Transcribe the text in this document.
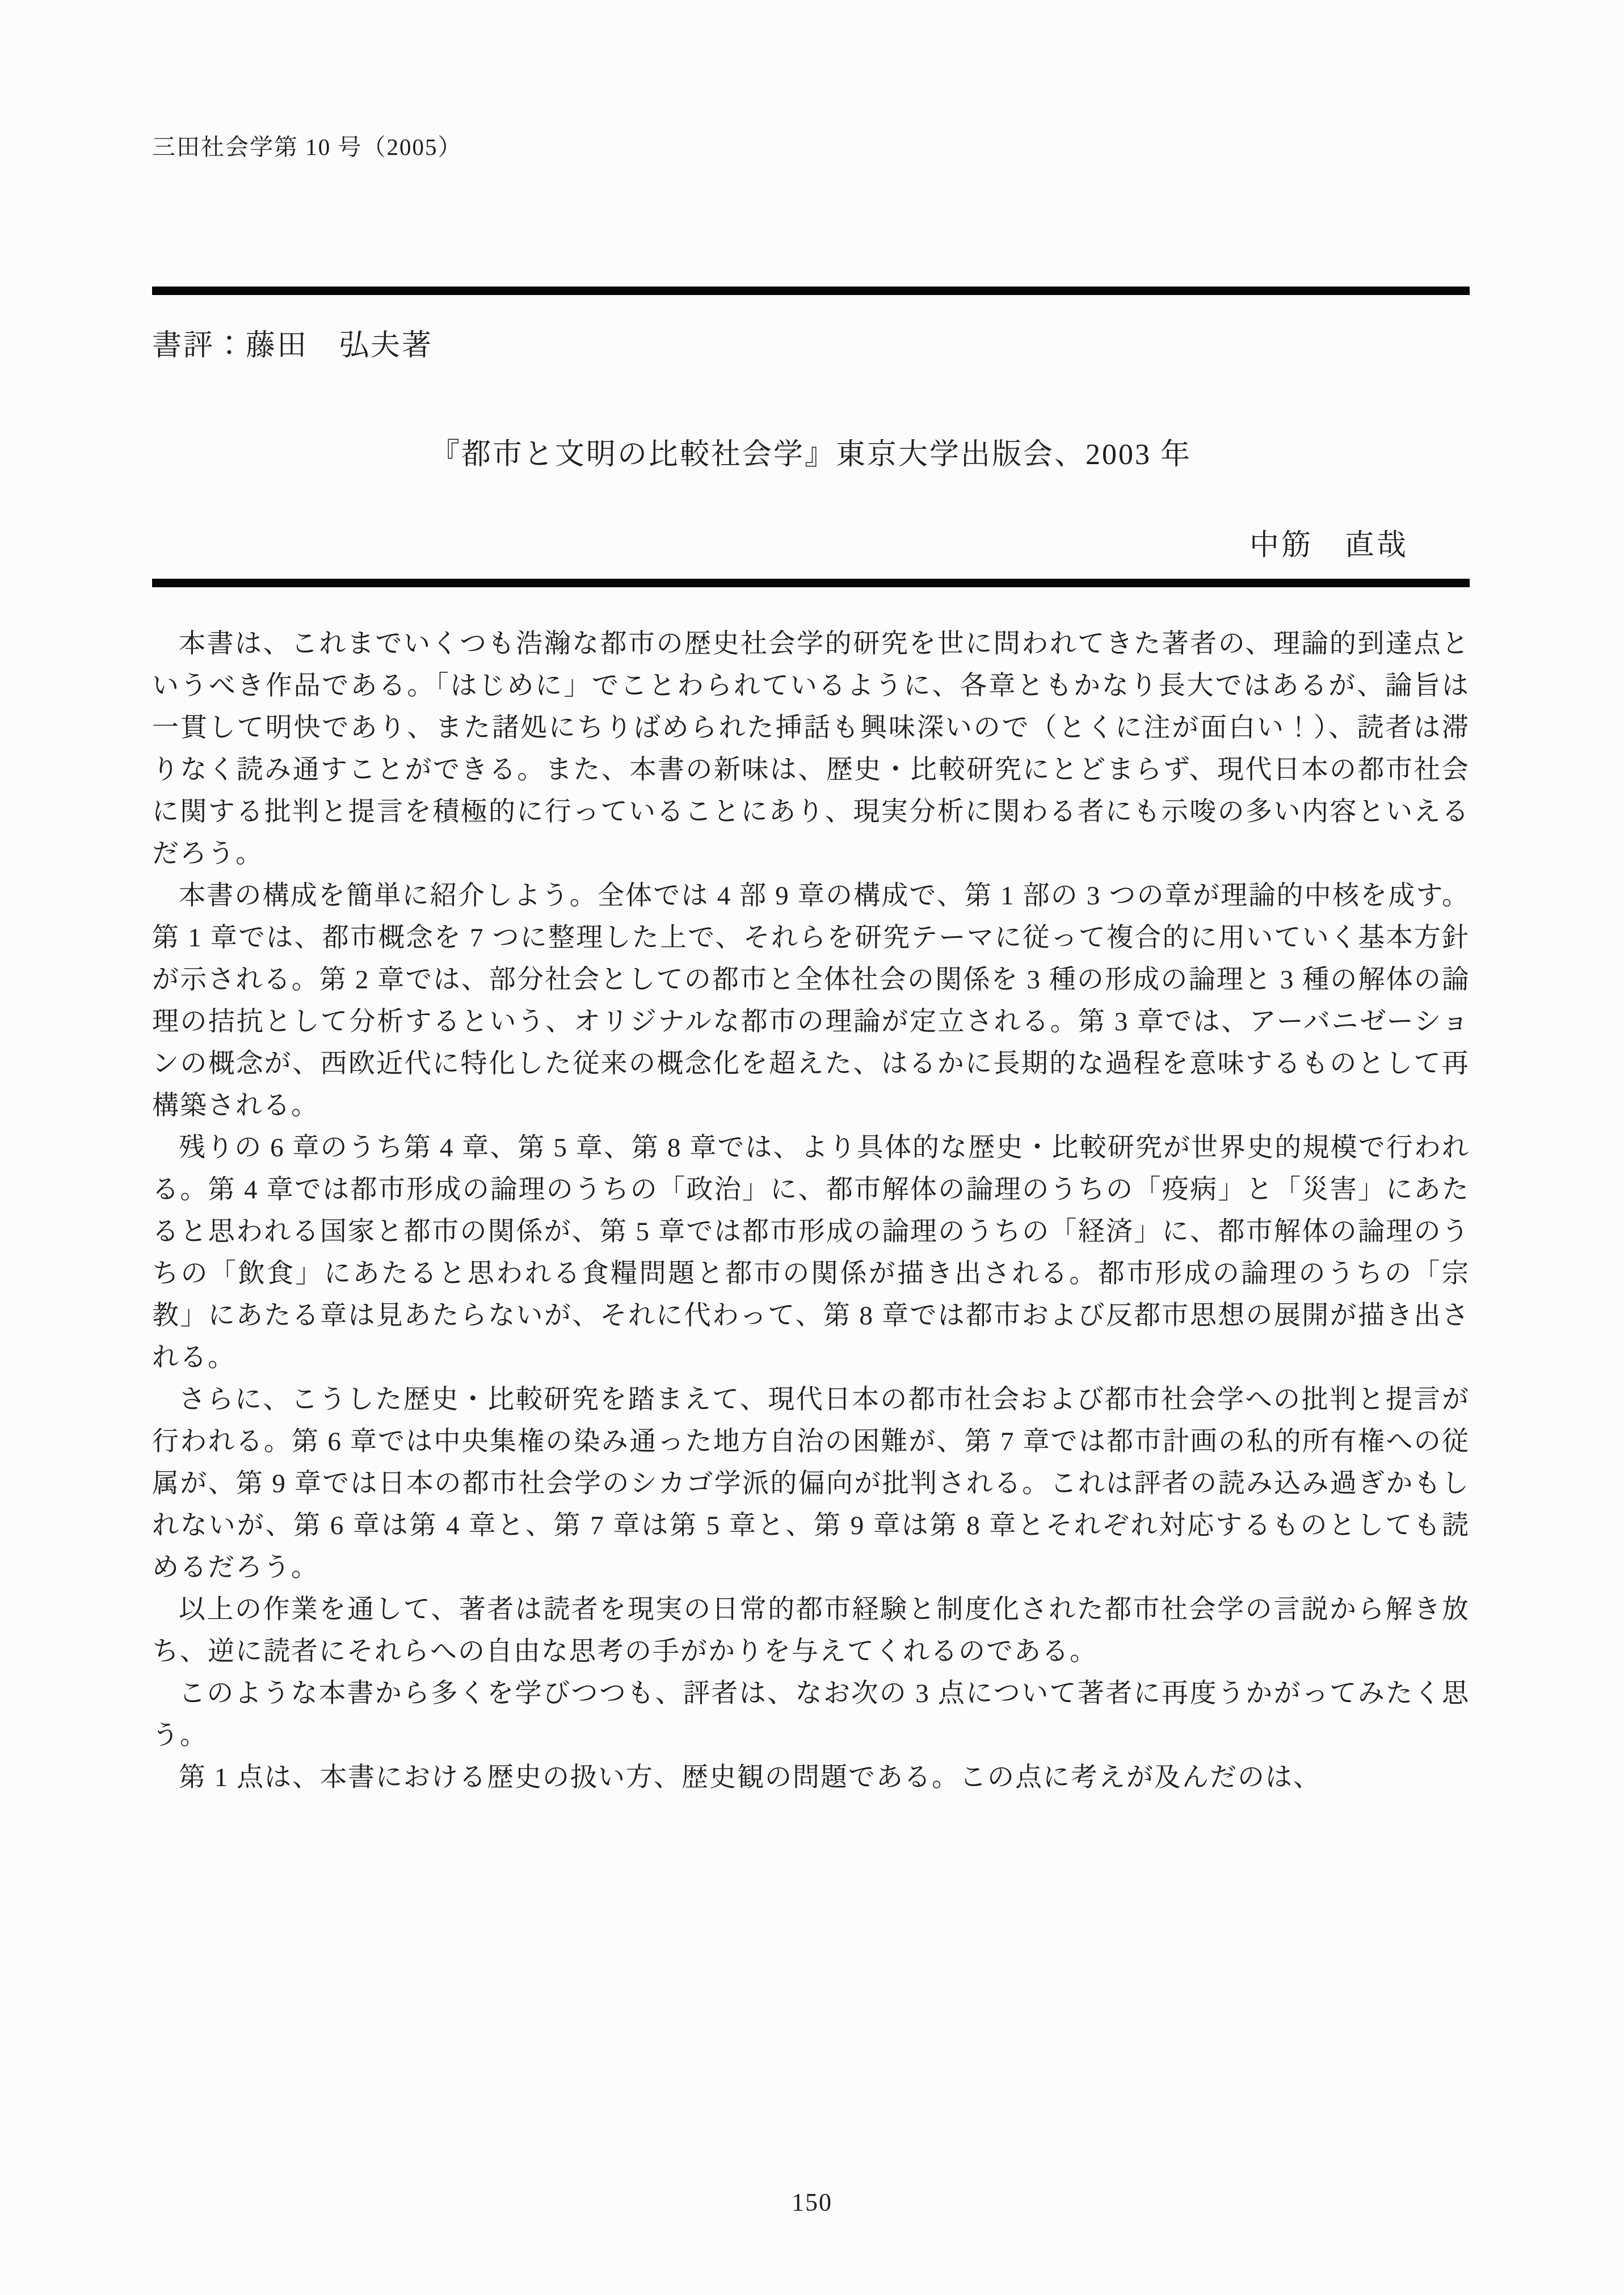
三田社会学第 10 号（2005）
書評：藤田　弘夫著
『都市と文明の比較社会学』東京大学出版会、2003 年
中筋　直哉

本書は、これまでいくつも浩瀚な都市の歴史社会学的研究を世に問われてきた著者の、理論的到達点というべき作品である。「はじめに」でことわられているように、各章ともかなり長大ではあるが、論旨は一貫して明快であり、また諸処にちりばめられた挿話も興味深いので（とくに注が面白い！）、読者は滞りなく読み通すことができる。また、本書の新味は、歴史・比較研究にとどまらず、現代日本の都市社会に関する批判と提言を積極的に行っていることにあり、現実分析に関わる者にも示唆の多い内容といえるだろう。

本書の構成を簡単に紹介しよう。全体では 4 部 9 章の構成で、第 1 部の 3 つの章が理論的中核を成す。第 1 章では、都市概念を 7 つに整理した上で、それらを研究テーマに従って複合的に用いていく基本方針が示される。第 2 章では、部分社会としての都市と全体社会の関係を 3 種の形成の論理と 3 種の解体の論理の拮抗として分析するという、オリジナルな都市の理論が定立される。第 3 章では、アーバニゼーションの概念が、西欧近代に特化した従来の概念化を超えた、はるかに長期的な過程を意味するものとして再構築される。

残りの 6 章のうち第 4 章、第 5 章、第 8 章では、より具体的な歴史・比較研究が世界史的規模で行われる。第 4 章では都市形成の論理のうちの「政治」に、都市解体の論理のうちの「疫病」と「災害」にあたると思われる国家と都市の関係が、第 5 章では都市形成の論理のうちの「経済」に、都市解体の論理のうちの「飲食」にあたると思われる食糧問題と都市の関係が描き出される。都市形成の論理のうちの「宗教」にあたる章は見あたらないが、それに代わって、第 8 章では都市および反都市思想の展開が描き出される。

さらに、こうした歴史・比較研究を踏まえて、現代日本の都市社会および都市社会学への批判と提言が行われる。第 6 章では中央集権の染み通った地方自治の困難が、第 7 章では都市計画の私的所有権への従属が、第 9 章では日本の都市社会学のシカゴ学派的偏向が批判される。これは評者の読み込み過ぎかもしれないが、第 6 章は第 4 章と、第 7 章は第 5 章と、第 9 章は第 8 章とそれぞれ対応するものとしても読めるだろう。

以上の作業を通して、著者は読者を現実の日常的都市経験と制度化された都市社会学の言説から解き放ち、逆に読者にそれらへの自由な思考の手がかりを与えてくれるのである。

このような本書から多くを学びつつも、評者は、なお次の 3 点について著者に再度うかがってみたく思う。

第 1 点は、本書における歴史の扱い方、歴史観の問題である。この点に考えが及んだのは、

150
